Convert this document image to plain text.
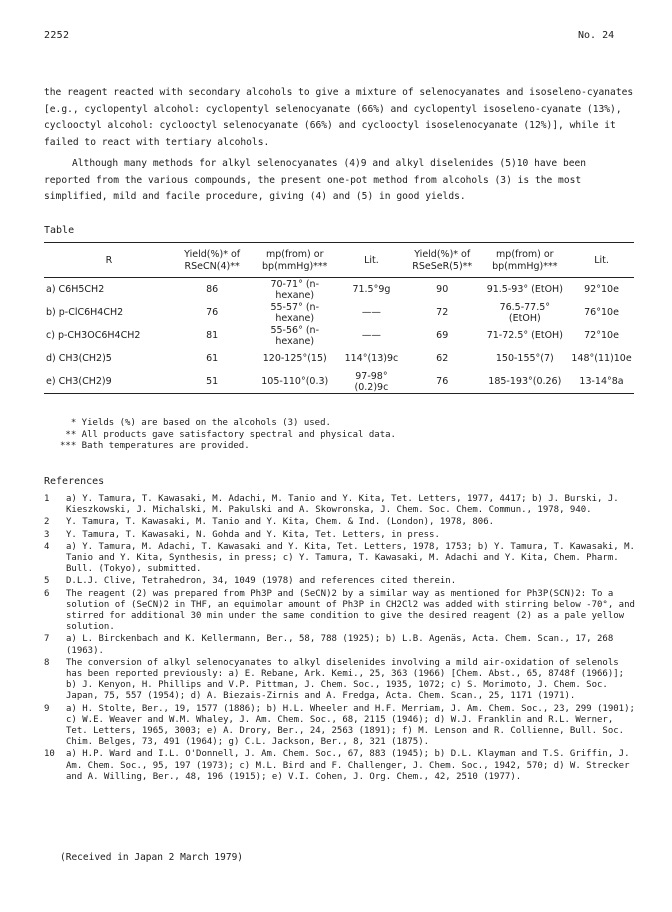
2252	No. 24

the reagent reacted with secondary alcohols to give a mixture of selenocyanates and isoseleno-cyanates [e.g., cyclopentyl alcohol: cyclopentyl selenocyanate (66%) and cyclopentyl isoseleno-cyanate (13%), cyclooctyl alcohol: cyclooctyl selenocyanate (66%) and cyclooctyl isoselenocyanate (12%)], while it failed to react with tertiary alcohols.

Although many methods for alkyl selenocyanates (4)9 and alkyl diselenides (5)10 have been reported from the various compounds, the present one-pot method from alcohols (3) is the most simplified, mild and facile procedure, giving (4) and (5) in good yields.

Table
R	Yield(%)* of RSeCN(4)**	mp(from) or bp(mmHg)***	Lit.	Yield(%)* of RSeSeR(5)**	mp(from) or bp(mmHg)***	Lit.
a) C6H5CH2	86	70-71° (n-hexane)	71.5°9g	90	91.5-93° (EtOH)	92°10e
b) p-ClC6H4CH2	76	55-57° (n-hexane)	——	72	76.5-77.5° (EtOH)	76°10e
c) p-CH3OC6H4CH2	81	55-56° (n-hexane)	——	69	71-72.5° (EtOH)	72°10e
d) CH3(CH2)5	61	120-125°(15)	114°(13)9c	62	150-155°(7)	148°(11)10e
e) CH3(CH2)9	51	105-110°(0.3)	97-98°(0.2)9c	76	185-193°(0.26)	13-14°8a
* Yields (%) are based on the alcohols (3) used.
** All products gave satisfactory spectral and physical data.
*** Bath temperatures are provided.
References
1 a) Y. Tamura, T. Kawasaki, M. Adachi, M. Tanio and Y. Kita, Tet. Letters, 1977, 4417; b) J. Burski, J. Kieszkowski, J. Michalski, M. Pakulski and A. Skowronska, J. Chem. Soc. Chem. Commun., 1978, 940.
2 Y. Tamura, T. Kawasaki, M. Tanio and Y. Kita, Chem. & Ind. (London), 1978, 806.
3 Y. Tamura, T. Kawasaki, N. Gohda and Y. Kita, Tet. Letters, in press.
4 a) Y. Tamura, M. Adachi, T. Kawasaki and Y. Kita, Tet. Letters, 1978, 1753; b) Y. Tamura, T. Kawasaki, M. Tanio and Y. Kita, Synthesis, in press; c) Y. Tamura, T. Kawasaki, M. Adachi and Y. Kita, Chem. Pharm. Bull. (Tokyo), submitted.
5 D.L.J. Clive, Tetrahedron, 34, 1049 (1978) and references cited therein.
6 The reagent (2) was prepared from Ph3P and (SeCN)2 by a similar way as mentioned for Ph3P(SCN)2: To a solution of (SeCN)2 in THF, an equimolar amount of Ph3P in CH2Cl2 was added with stirring below -70°, and stirred for additional 30 min under the same condition to give the desired reagent (2) as a pale yellow solution.
7 a) L. Birckenbach and K. Kellermann, Ber., 58, 788 (1925); b) L.B. Agenäs, Acta. Chem. Scan., 17, 268 (1963).
8 The conversion of alkyl selenocyanates to alkyl diselenides involving a mild air-oxidation of selenols has been reported previously: a) E. Rebane, Ark. Kemi., 25, 363 (1966) [Chem. Abst., 65, 8748f (1966)]; b) J. Kenyon, H. Phillips and V.P. Pittman, J. Chem. Soc., 1935, 1072; c) S. Morimoto, J. Chem. Soc. Japan, 75, 557 (1954); d) A. Biezais-Zirnis and A. Fredga, Acta. Chem. Scan., 25, 1171 (1971).
9 a) H. Stolte, Ber., 19, 1577 (1886); b) H.L. Wheeler and H.F. Merriam, J. Am. Chem. Soc., 23, 299 (1901); c) W.E. Weaver and W.M. Whaley, J. Am. Chem. Soc., 68, 2115 (1946); d) W.J. Franklin and R.L. Werner, Tet. Letters, 1965, 3003; e) A. Drory, Ber., 24, 2563 (1891); f) M. Lenson and R. Collienne, Bull. Soc. Chim. Belges, 73, 491 (1964); g) C.L. Jackson, Ber., 8, 321 (1875).
10 a) H.P. Ward and I.L. O'Donnell, J. Am. Chem. Soc., 67, 883 (1945); b) D.L. Klayman and T.S. Griffin, J. Am. Chem. Soc., 95, 197 (1973); c) M.L. Bird and F. Challenger, J. Chem. Soc., 1942, 570; d) W. Strecker and A. Willing, Ber., 48, 196 (1915); e) V.I. Cohen, J. Org. Chem., 42, 2510 (1977).
(Received in Japan 2 March 1979)
